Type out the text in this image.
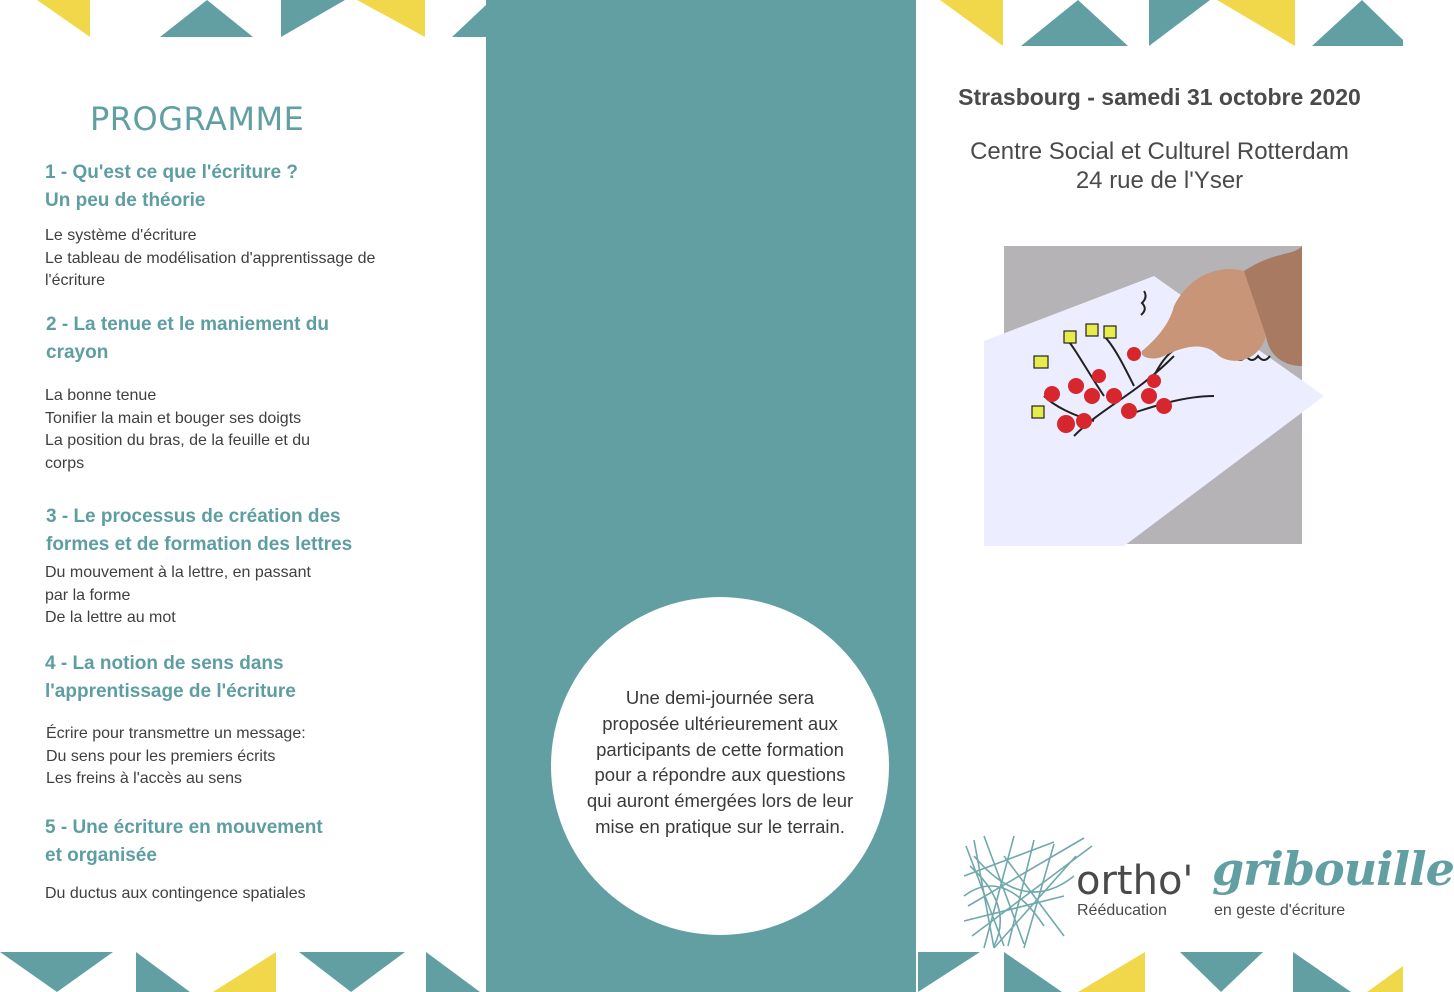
PROGRAMME
1 - Qu'est ce que l'écriture ?
Un peu de théorie
Le système d'écriture
Le tableau de modélisation d'apprentissage de
l'écriture
2 - La tenue et le maniement du
crayon
La bonne tenue
Tonifier la main et bouger ses doigts
La position du bras, de la feuille et du
corps
3 - Le processus de création des
formes et de formation des lettres
Du mouvement à la lettre, en passant
par la forme
De la lettre au mot
4 - La notion de sens dans
l'apprentissage de l'écriture
Écrire pour transmettre un message:
Du sens pour les premiers écrits
Les freins à l'accès au sens
5 - Une écriture en mouvement
et organisée
Du ductus aux contingence spatiales

Une demi-journée sera
proposée ultérieurement aux
participants de cette formation
pour a répondre aux questions
qui auront émergées lors de leur
mise en pratique sur le terrain.

Strasbourg - samedi 31 octobre 2020

Centre Social et Culturel Rotterdam

24 rue de l'Yser

ortho' gribouille

Rééducation	en geste d'écriture
